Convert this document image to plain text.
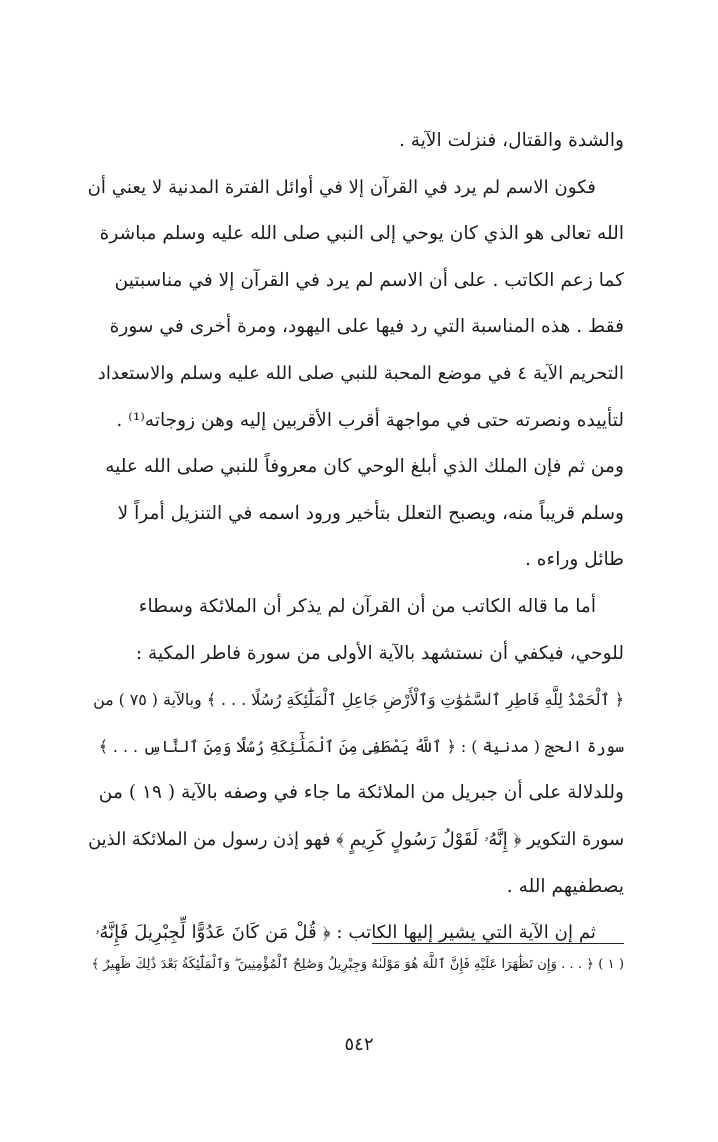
والشدة والقتال، فنزلت الآية .
فكون الاسم لم يرد في القرآن إلا في أوائل الفترة المدنية لا يعني أن
الله تعالى هو الذي كان يوحي إلى النبي صلى الله عليه وسلم مباشرة
كما زعم الكاتب . على أن الاسم لم يرد في القرآن إلا في مناسبتين
فقط . هذه المناسبة التي رد فيها على اليهود، ومرة أخرى في سورة
التحريم الآية ٤ في موضع المحبة للنبي صلى الله عليه وسلم والاستعداد
لتأييده ونصرته حتى في مواجهة أقرب الأقربين إليه وهن زوجاته⁽¹⁾ .
ومن ثم فإن الملك الذي أبلغ الوحي كان معروفاً للنبي صلى الله عليه
وسلم قريباً منه، ويصبح التعلل بتأخير ورود اسمه في التنزيل أمراً لا
طائل وراءه .
أما ما قاله الكاتب من أن القرآن لم يذكر أن الملائكة وسطاء
للوحي، فيكفي أن نستشهد بالآية الأولى من سورة فاطر المكية :
﴿ ٱلْحَمْدُ لِلَّهِ فَاطِرِ ٱلسَّمَٰوَٰتِ وَٱلْأَرْضِ جَاعِلِ ٱلْمَلَٰٓئِكَةِ رُسُلًا . . . ﴾ وبالآية ( ٧٥ ) من
سورة الحج ( مدنية ) : ﴿ ٱللَّهُ يَصْطَفِى مِنَ ٱلْمَلَٰٓئِكَةِ رُسُلًا وَمِنَ ٱلنَّاسِ . . . ﴾
وللدلالة على أن جبريل من الملائكة ما جاء في وصفه بالآية ( ١٩ ) من
سورة التكوير ﴿ إِنَّهُۥ لَقَوْلُ رَسُولٍ كَرِيمٍ ﴾ فهو إذن رسول من الملائكة الذين
يصطفيهم الله .
ثم إن الآية التي يشير إليها الكاتب : ﴿ قُلْ مَن كَانَ عَدُوًّا لِّجِبْرِيلَ فَإِنَّهُۥ
( ١ ) ﴿ . . . وَإِن تَظَٰهَرَا عَلَيْهِ فَإِنَّ ٱللَّهَ هُوَ مَوْلَىٰهُ وَجِبْرِيلُ وَصَٰلِحُ ٱلْمُؤْمِنِينَ ۖ وَٱلْمَلَٰٓئِكَةُ بَعْدَ ذَٰلِكَ ظَهِيرٌ ﴾
٥٤٢
